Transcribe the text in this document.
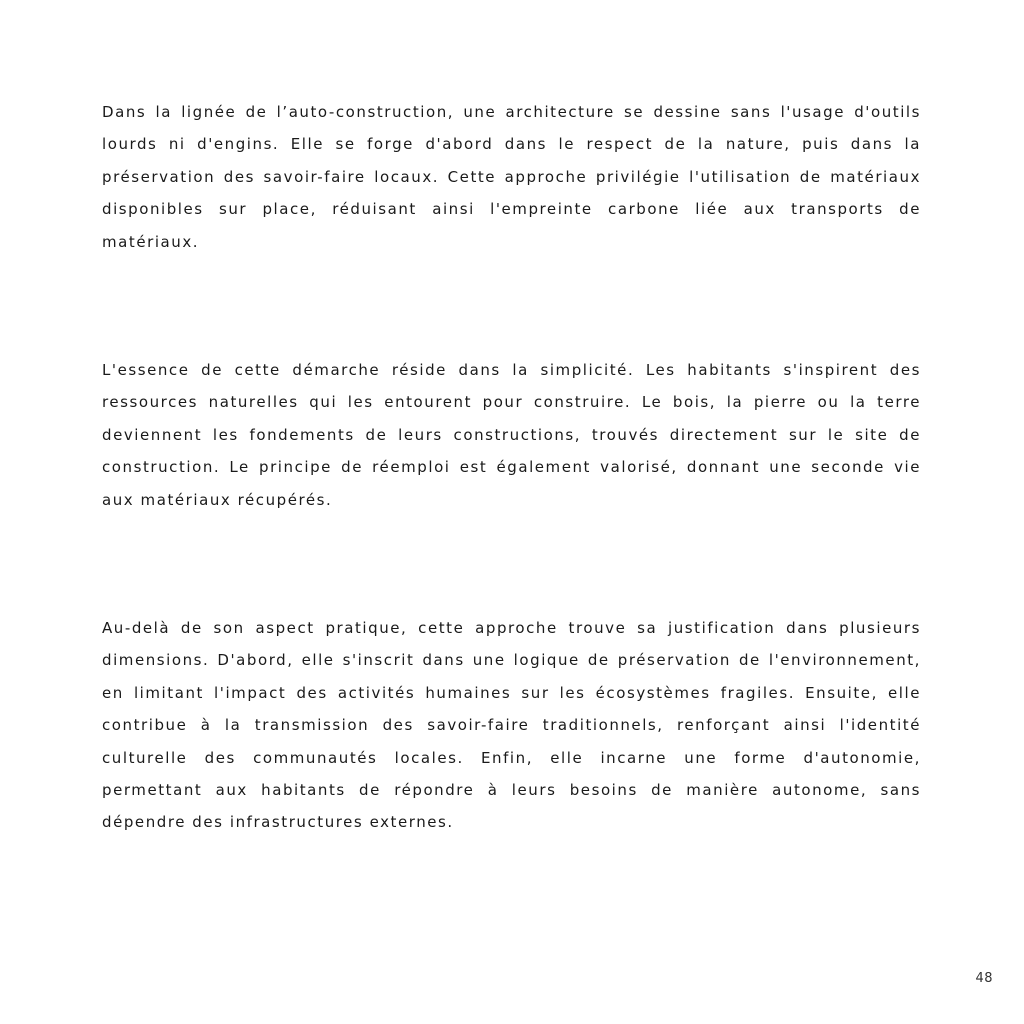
Dans la lignée de l’auto-construction, une architecture se dessine sans l'usage d'outils lourds ni d'engins. Elle se forge d'abord dans le respect de la nature, puis dans la préservation des savoir-faire locaux. Cette approche privilégie l'utilisation de matériaux disponibles sur place, réduisant ainsi l'empreinte carbone liée aux transports de matériaux.

L'essence de cette démarche réside dans la simplicité. Les habitants s'inspirent des ressources naturelles qui les entourent pour construire. Le bois, la pierre ou la terre deviennent les fondements de leurs constructions, trouvés directement sur le site de construction. Le principe de réemploi est également valorisé, donnant une seconde vie aux matériaux récupérés.

Au-delà de son aspect pratique, cette approche trouve sa justification dans plusieurs dimensions. D'abord, elle s'inscrit dans une logique de préservation de l'environnement, en limitant l'impact des activités humaines sur les écosystèmes fragiles. Ensuite, elle contribue à la transmission des savoir-faire traditionnels, renforçant ainsi l'identité culturelle des communautés locales. Enfin, elle incarne une forme d'autonomie, permettant aux habitants de répondre à leurs besoins de manière autonome, sans dépendre des infrastructures externes.

48
